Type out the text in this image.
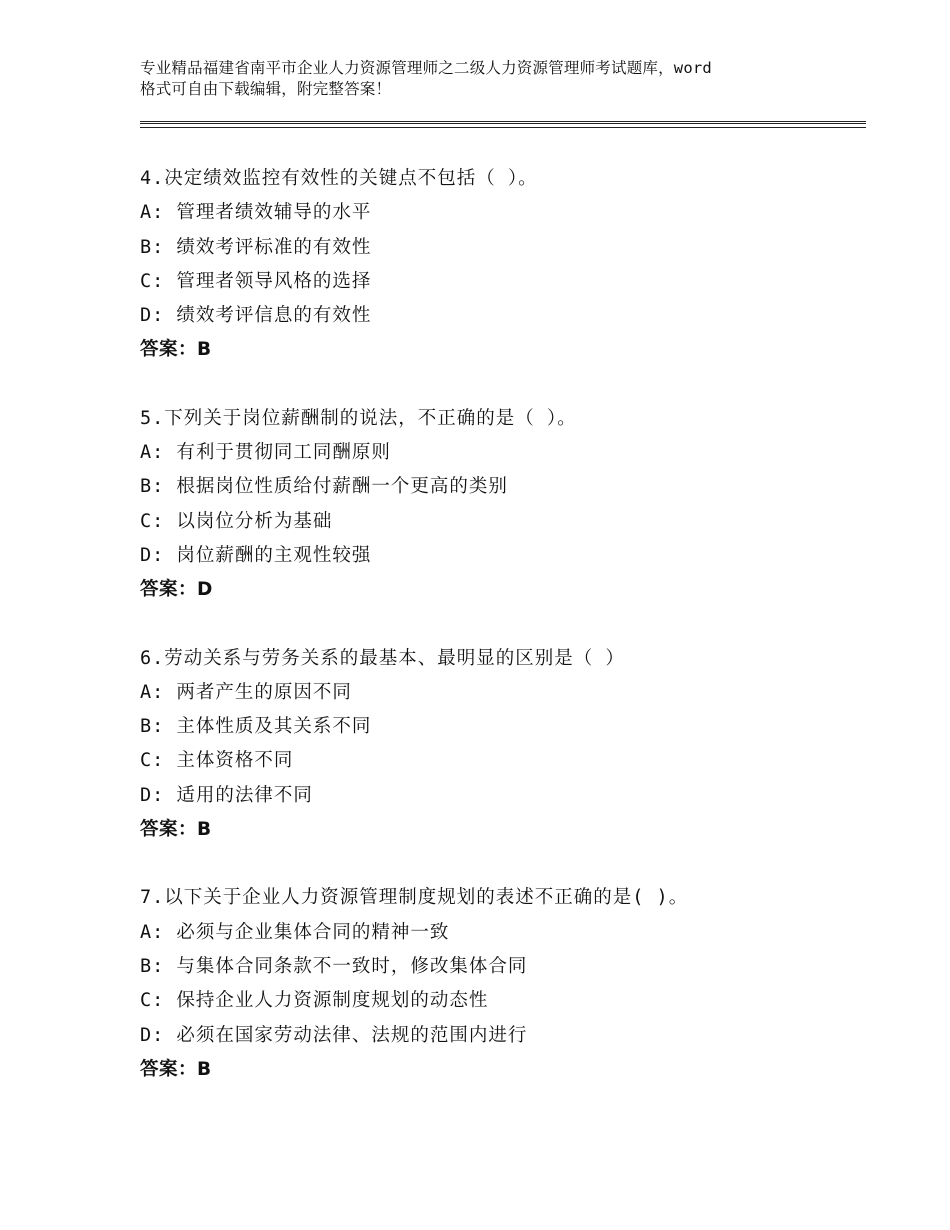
专业精品福建省南平市企业人力资源管理师之二级人力资源管理师考试题库，word
格式可自由下载编辑，附完整答案！
4.决定绩效监控有效性的关键点不包括（ ）。
A: 管理者绩效辅导的水平
B: 绩效考评标准的有效性
C: 管理者领导风格的选择
D: 绩效考评信息的有效性
答案：B
5.下列关于岗位薪酬制的说法，不正确的是（ ）。
A: 有利于贯彻同工同酬原则
B: 根据岗位性质给付薪酬一个更高的类别
C: 以岗位分析为基础
D: 岗位薪酬的主观性较强
答案：D
6.劳动关系与劳务关系的最基本、最明显的区别是（ ）
A: 两者产生的原因不同
B: 主体性质及其关系不同
C: 主体资格不同
D: 适用的法律不同
答案：B
7.以下关于企业人力资源管理制度规划的表述不正确的是( )。
A: 必须与企业集体合同的精神一致
B: 与集体合同条款不一致时，修改集体合同
C: 保持企业人力资源制度规划的动态性
D: 必须在国家劳动法律、法规的范围内进行
答案：B
